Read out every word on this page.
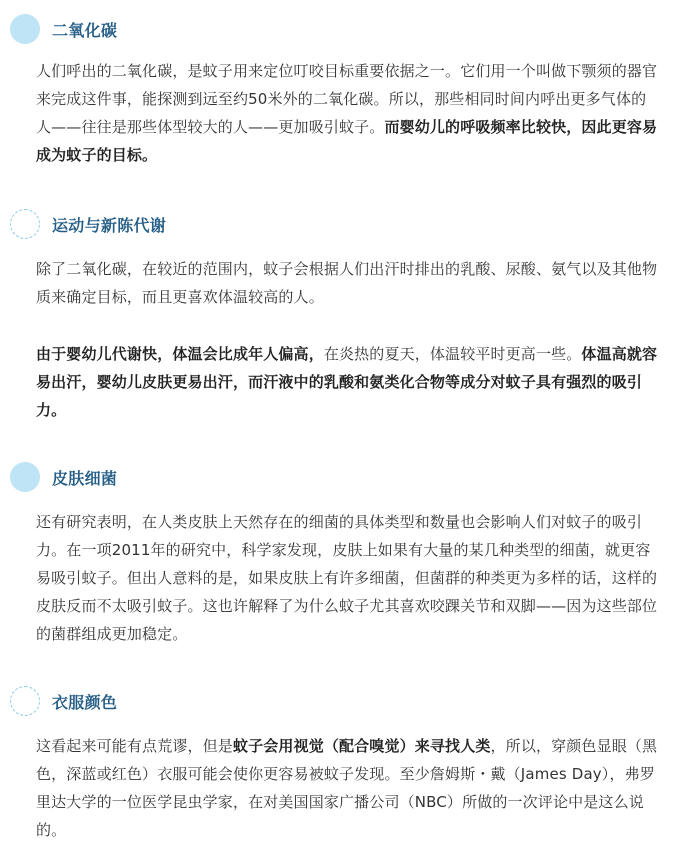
二氧化碳

人们呼出的二氧化碳，是蚊子用来定位叮咬目标重要依据之一。它们用一个叫做下颚须的器官来完成这件事，能探测到远至约50米外的二氧化碳。所以，那些相同时间内呼出更多气体的人——往往是那些体型较大的人——更加吸引蚊子。而婴幼儿的呼吸频率比较快，因此更容易成为蚊子的目标。

运动与新陈代谢

除了二氧化碳，在较近的范围内，蚊子会根据人们出汗时排出的乳酸、尿酸、氨气以及其他物质来确定目标，而且更喜欢体温较高的人。

由于婴幼儿代谢快，体温会比成年人偏高，在炎热的夏天，体温较平时更高一些。体温高就容易出汗，婴幼儿皮肤更易出汗，而汗液中的乳酸和氨类化合物等成分对蚊子具有强烈的吸引力。

皮肤细菌

还有研究表明，在人类皮肤上天然存在的细菌的具体类型和数量也会影响人们对蚊子的吸引力。在一项2011年的研究中，科学家发现，皮肤上如果有大量的某几种类型的细菌，就更容易吸引蚊子。但出人意料的是，如果皮肤上有许多细菌，但菌群的种类更为多样的话，这样的皮肤反而不太吸引蚊子。这也许解释了为什么蚊子尤其喜欢咬踝关节和双脚——因为这些部位的菌群组成更加稳定。

衣服颜色

这看起来可能有点荒谬，但是蚊子会用视觉（配合嗅觉）来寻找人类，所以，穿颜色显眼（黑色，深蓝或红色）衣服可能会使你更容易被蚊子发现。至少詹姆斯・戴（James Day），弗罗里达大学的一位医学昆虫学家，在对美国国家广播公司（NBC）所做的一次评论中是这么说的。
